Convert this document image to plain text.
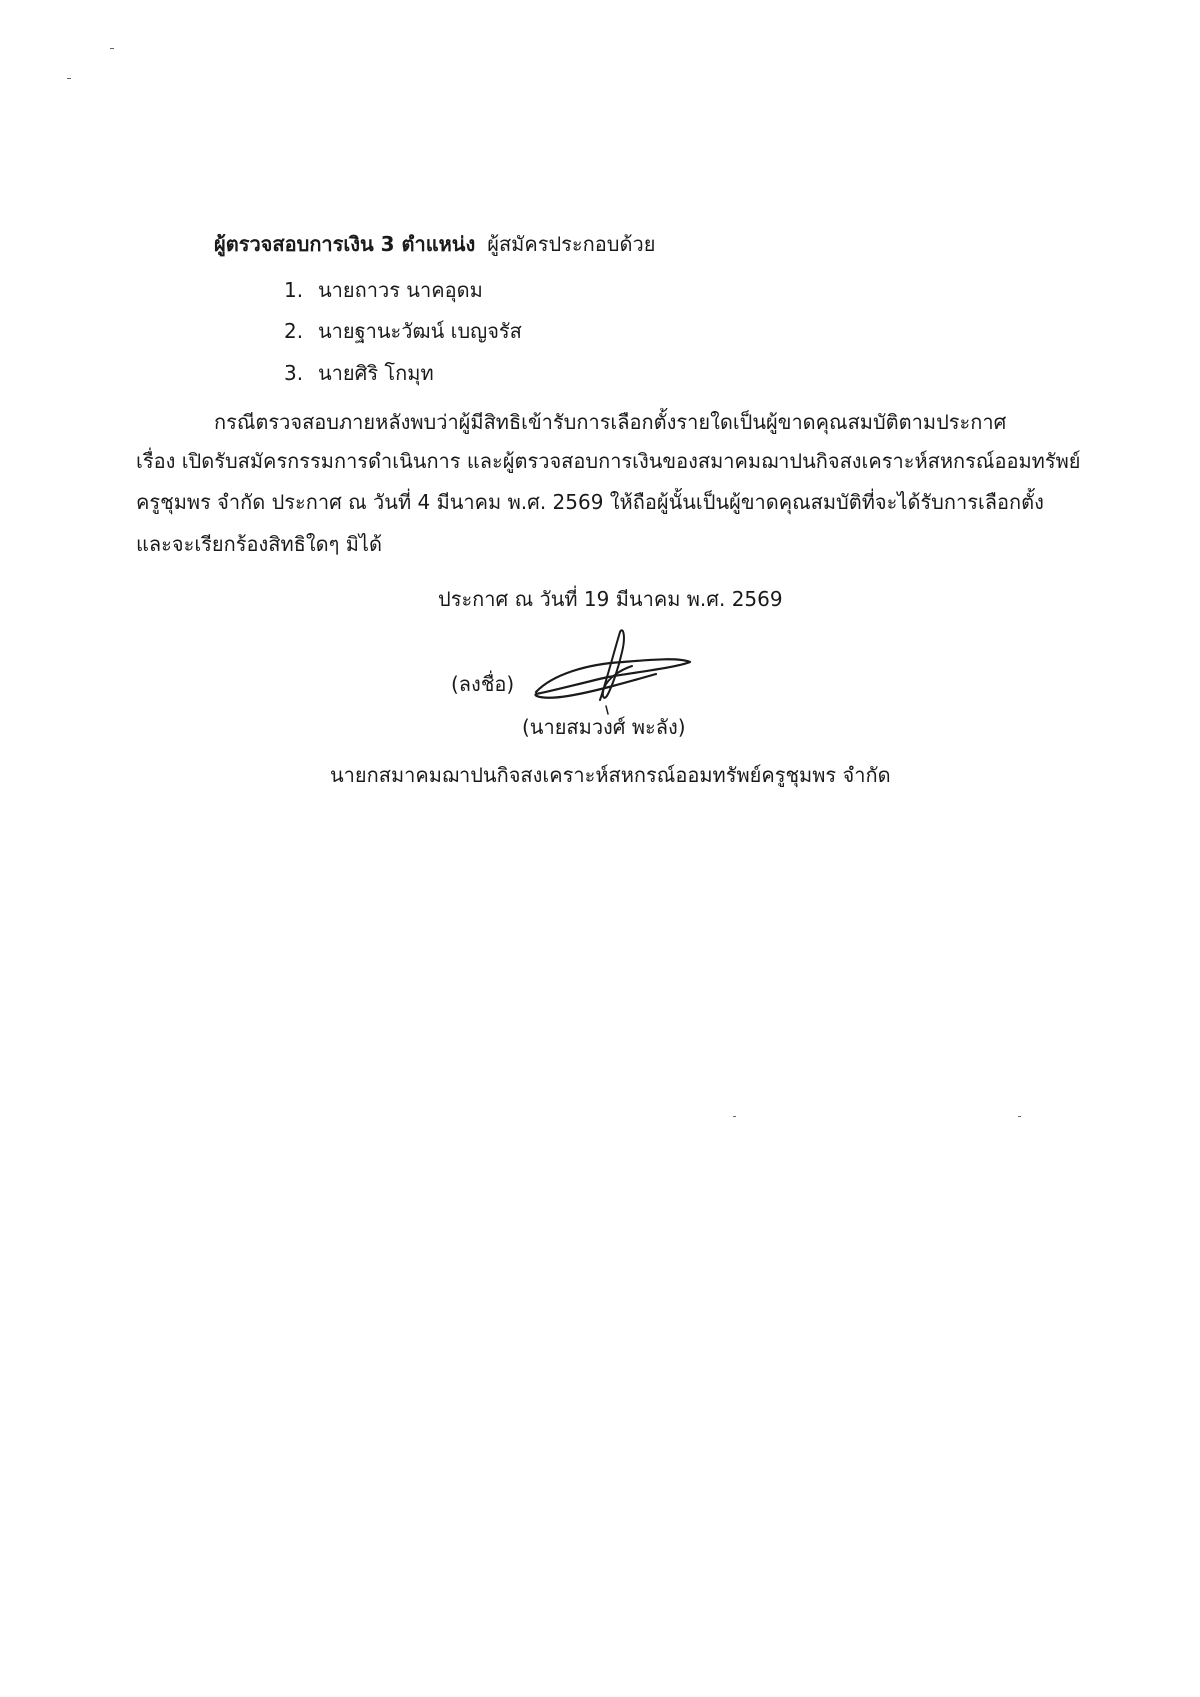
ผู้ตรวจสอบการเงิน 3 ตำแหน่ง ผู้สมัครประกอบด้วย
1. นายถาวร นาคอุดม
2. นายฐานะวัฒน์ เบญจรัส
3. นายศิริ โกมุท
กรณีตรวจสอบภายหลังพบว่าผู้มีสิทธิเข้ารับการเลือกตั้งรายใดเป็นผู้ขาดคุณสมบัติตามประกาศ
เรื่อง เปิดรับสมัครกรรมการดำเนินการ และผู้ตรวจสอบการเงินของสมาคมฌาปนกิจสงเคราะห์สหกรณ์ออมทรัพย์
ครูชุมพร จำกัด ประกาศ ณ วันที่ 4 มีนาคม พ.ศ. 2569 ให้ถือผู้นั้นเป็นผู้ขาดคุณสมบัติที่จะได้รับการเลือกตั้ง
และจะเรียกร้องสิทธิใดๆ มิได้
ประกาศ ณ วันที่ 19 มีนาคม พ.ศ. 2569
(ลงชื่อ)
(นายสมวงศ์ พะลัง)
นายกสมาคมฌาปนกิจสงเคราะห์สหกรณ์ออมทรัพย์ครูชุมพร จำกัด
